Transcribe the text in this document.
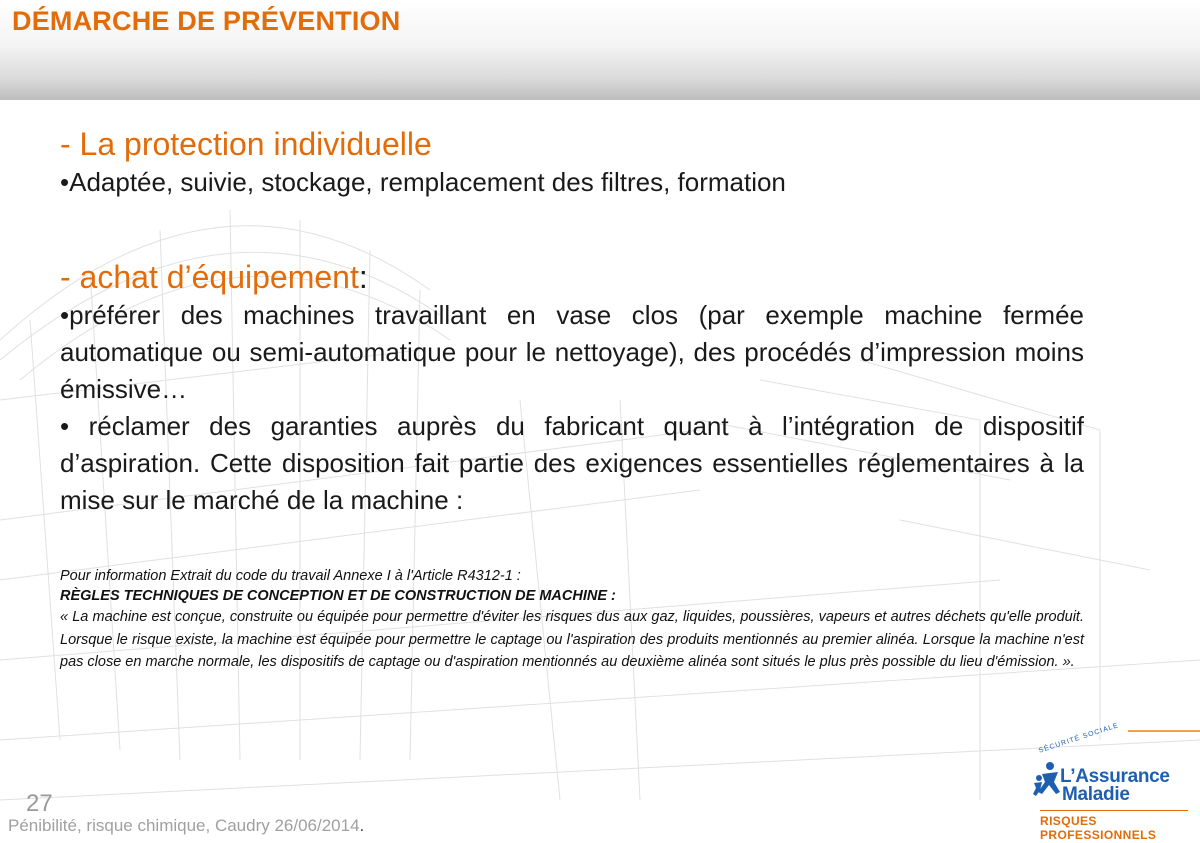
DÉMARCHE DE PRÉVENTION
- La protection individuelle
•Adaptée, suivie, stockage, remplacement des filtres, formation
- achat d’équipement:
•préférer des machines travaillant en vase clos (par exemple machine fermée automatique ou semi-automatique pour le nettoyage), des procédés d’impression moins émissive…
• réclamer des garanties auprès du fabricant quant à l’intégration de dispositif d’aspiration. Cette disposition fait partie des exigences essentielles réglementaires à la mise sur le marché de la machine :
Pour information Extrait du code du travail Annexe I à l'Article R4312-1 :
RÈGLES TECHNIQUES DE CONCEPTION ET DE CONSTRUCTION DE MACHINE :
« La machine est conçue, construite ou équipée pour permettre d'éviter les risques dus aux gaz, liquides, poussières, vapeurs et autres déchets qu'elle produit. Lorsque le risque existe, la machine est équipée pour permettre le captage ou l'aspiration des produits mentionnés au premier alinéa. Lorsque la machine n'est pas close en marche normale, les dispositifs de captage ou d'aspiration mentionnés au deuxième alinéa sont situés le plus près possible du lieu d'émission. ».
27
Pénibilité, risque chimique, Caudry 26/06/2014.
SÉCURITÉ SOCIALE
L’Assurance
Maladie
RISQUES PROFESSIONNELS
